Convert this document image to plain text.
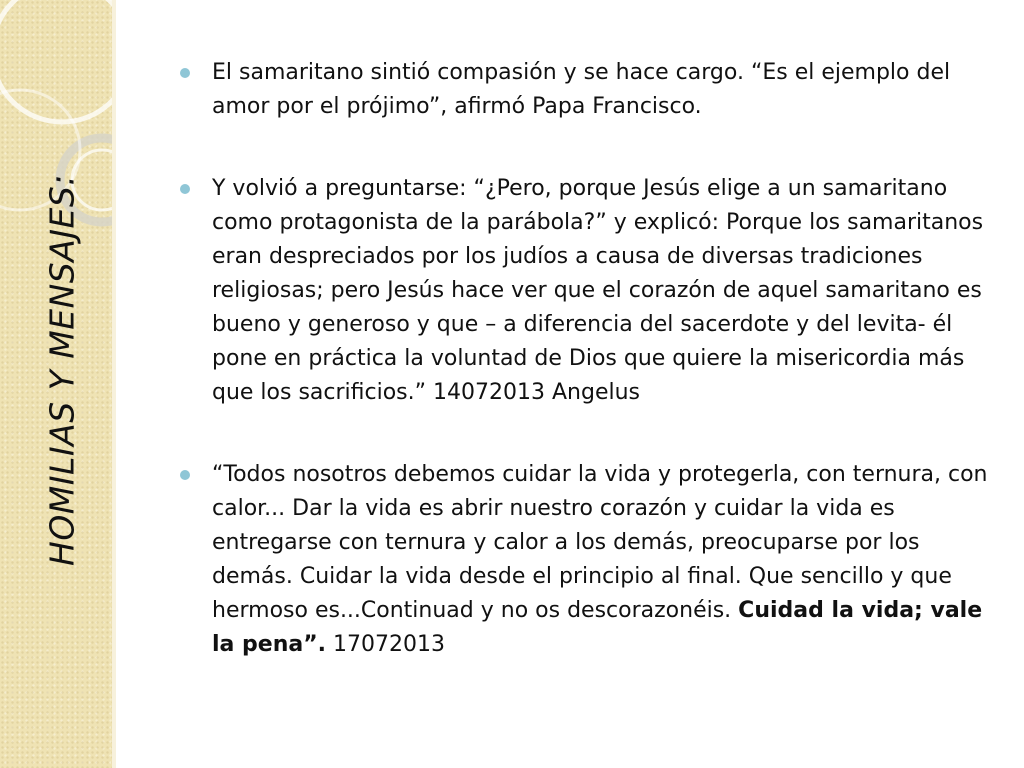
HOMILIAS Y MENSAJES:
El samaritano sintió compasión y se hace cargo. “Es el ejemplo del amor por el prójimo”, afirmó Papa Francisco.
Y volvió a preguntarse: “¿Pero, porque Jesús elige a un samaritano como protagonista de la parábola?” y explicó: Porque los samaritanos eran despreciados por los judíos a causa de diversas tradiciones religiosas; pero Jesús hace ver que el corazón de aquel samaritano es bueno y generoso y que – a diferencia del sacerdote y del levita- él pone en práctica la voluntad de Dios que quiere la misericordia más que los sacrificios.” 14072013 Angelus
“Todos nosotros debemos cuidar la vida y protegerla, con ternura, con calor... Dar la vida es abrir nuestro corazón y cuidar la vida es entregarse con ternura y calor a los demás, preocuparse por los demás. Cuidar la vida desde el principio al final. Que sencillo y que hermoso es...Continuad y no os descorazonéis. Cuidad la vida; vale la pena”. 17072013
